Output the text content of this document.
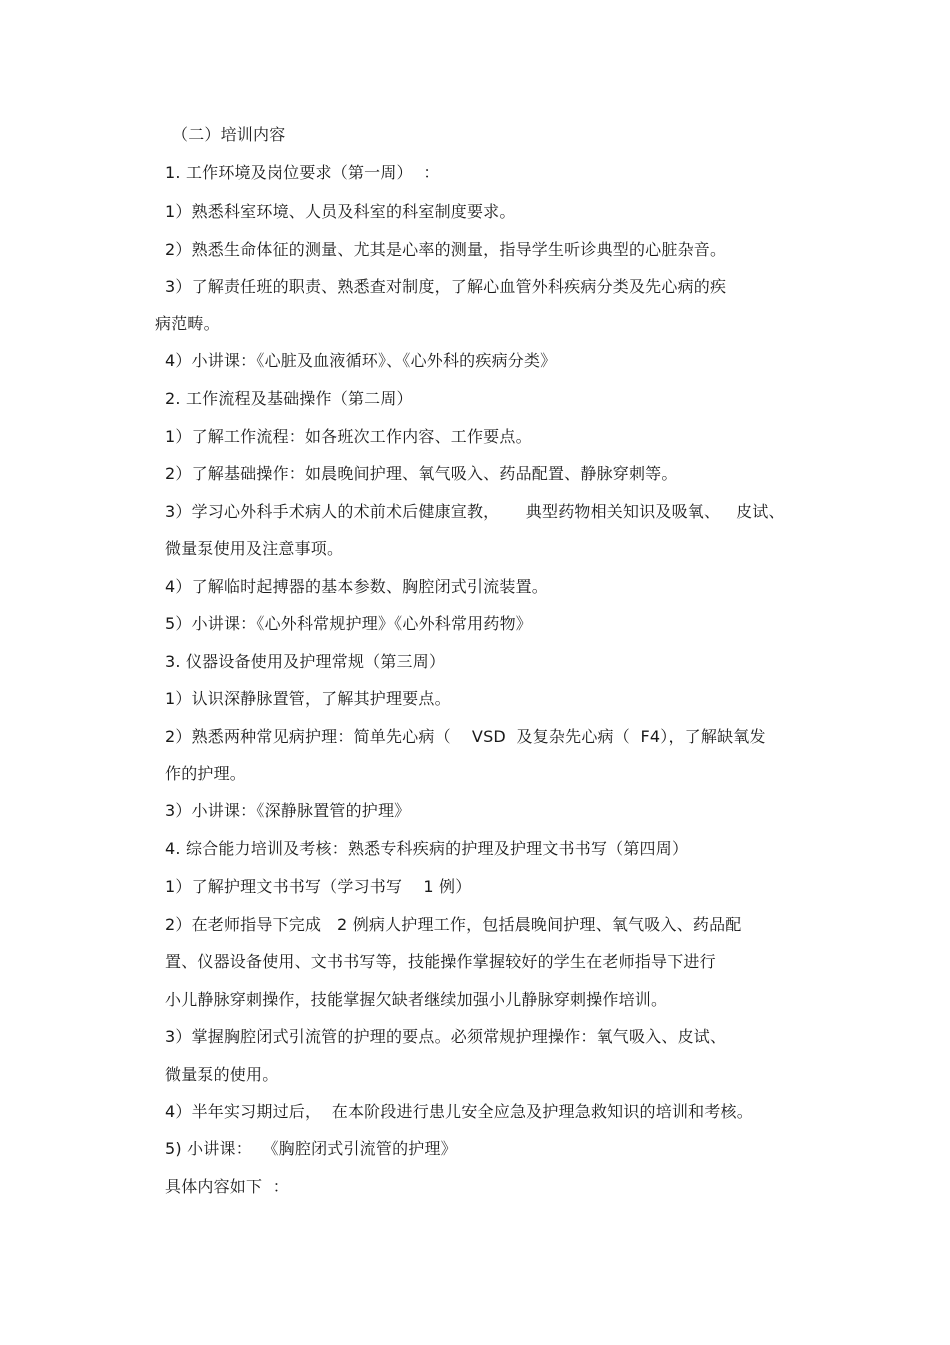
（二）培训内容
1. 工作环境及岗位要求（第一周）  ：
1）熟悉科室环境、人员及科室的科室制度要求。
2）熟悉生命体征的测量、尤其是心率的测量，指导学生听诊典型的心脏杂音。
3）了解责任班的职责、熟悉查对制度，了解心血管外科疾病分类及先心病的疾
病范畴。
4）小讲课：《心脏及血液循环》、《心外科的疾病分类》
2. 工作流程及基础操作（第二周）
1）了解工作流程：如各班次工作内容、工作要点。
2）了解基础操作：如晨晚间护理、氧气吸入、药品配置、静脉穿刺等。
3）学习心外科手术病人的术前术后健康宣教，     典型药物相关知识及吸氧、   皮试、
微量泵使用及注意事项。
4）了解临时起搏器的基本参数、胸腔闭式引流装置。
5）小讲课：《心外科常规护理》《心外科常用药物》
3. 仪器设备使用及护理常规（第三周）
1）认识深静脉置管，了解其护理要点。
2）熟悉两种常见病护理：简单先心病（    VSD  及复杂先心病（  F4），了解缺氧发
作的护理。
3）小讲课：《深静脉置管的护理》
4. 综合能力培训及考核：熟悉专科疾病的护理及护理文书书写（第四周）
1）了解护理文书书写（学习书写    1 例）
2）在老师指导下完成   2 例病人护理工作，包括晨晚间护理、氧气吸入、药品配
置、仪器设备使用、文书书写等，技能操作掌握较好的学生在老师指导下进行
小儿静脉穿刺操作，技能掌握欠缺者继续加强小儿静脉穿刺操作培训。
3）掌握胸腔闭式引流管的护理的要点。必须常规护理操作：氧气吸入、皮试、
微量泵的使用。
4）半年实习期过后，  在本阶段进行患儿安全应急及护理急救知识的培训和考核。
5) 小讲课：  《胸腔闭式引流管的护理》
具体内容如下  ：
